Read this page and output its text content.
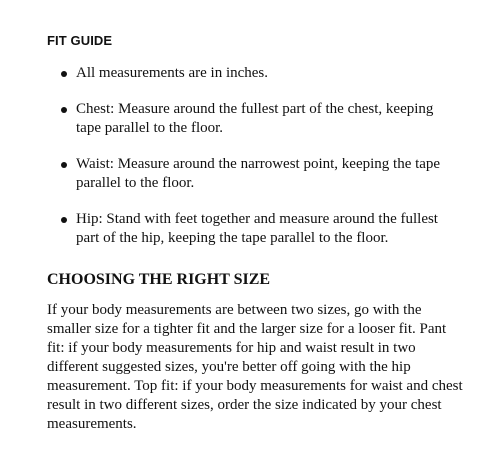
FIT GUIDE
All measurements are in inches.
Chest: Measure around the fullest part of the chest, keeping tape parallel to the floor.
Waist: Measure around the narrowest point, keeping the tape parallel to the floor.
Hip: Stand with feet together and measure around the fullest part of the hip, keeping the tape parallel to the floor.
CHOOSING THE RIGHT SIZE

If your body measurements are between two sizes, go with the smaller size for a tighter fit and the larger size for a looser fit. Pant fit: if your body measurements for hip and waist result in two different suggested sizes, you're better off going with the hip measurement. Top fit: if your body measurements for waist and chest result in two different sizes, order the size indicated by your chest measurements.
